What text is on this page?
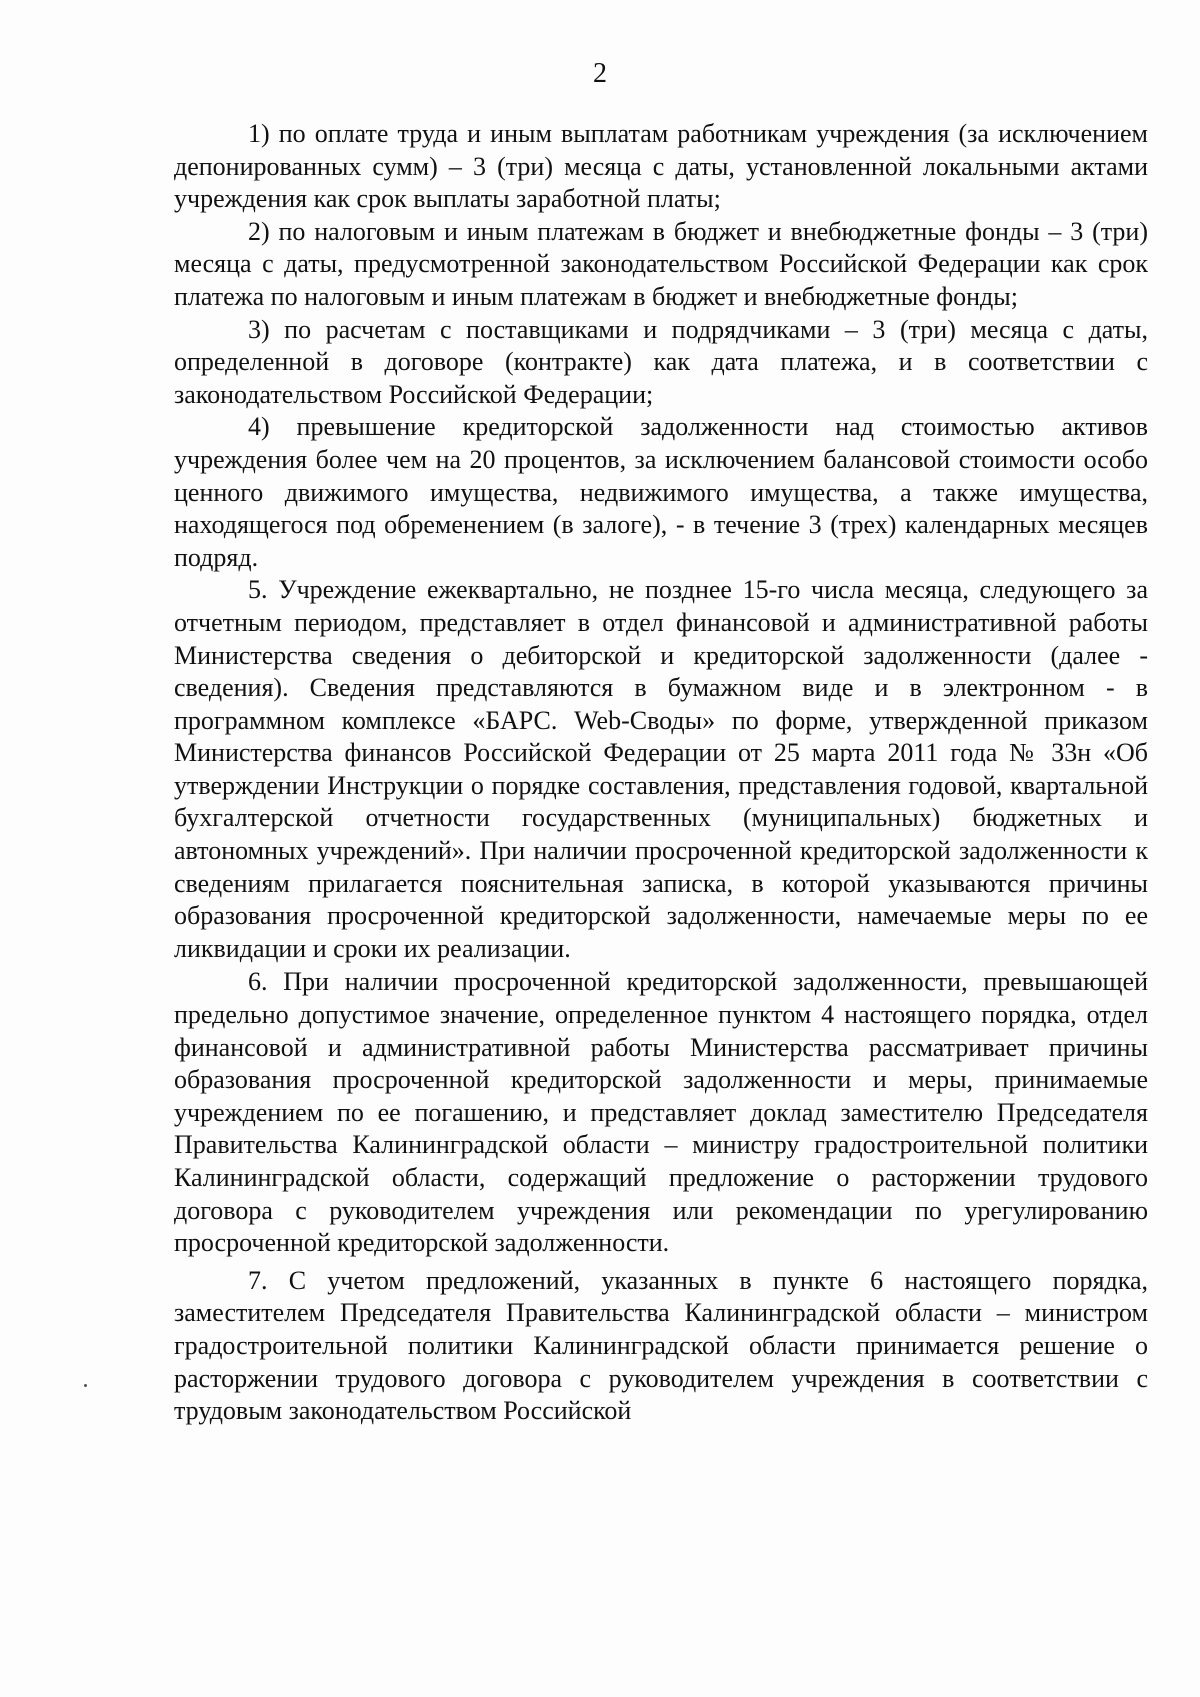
2

1) по оплате труда и иным выплатам работникам учреждения (за исключением депонированных сумм) – 3 (три) месяца с даты, установленной локальными актами учреждения как срок выплаты заработной платы;

2) по налоговым и иным платежам в бюджет и внебюджетные фонды – 3 (три) месяца с даты, предусмотренной законодательством Российской Федерации как срок платежа по налоговым и иным платежам в бюджет и внебюджетные фонды;

3) по расчетам с поставщиками и подрядчиками – 3 (три) месяца с даты, определенной в договоре (контракте) как дата платежа, и в соответствии с законодательством Российской Федерации;

4) превышение кредиторской задолженности над стоимостью активов учреждения более чем на 20 процентов, за исключением балансовой стоимости особо ценного движимого имущества, недвижимого имущества, а также имущества, находящегося под обременением (в залоге), - в течение 3 (трех) календарных месяцев подряд.

5. Учреждение ежеквартально, не позднее 15-го числа месяца, следующего за отчетным периодом, представляет в отдел финансовой и административной работы Министерства сведения о дебиторской и кредиторской задолженности (далее - сведения). Сведения представляются в бумажном виде и в электронном - в программном комплексе «БАРС. Web-Своды» по форме, утвержденной приказом Министерства финансов Российской Федерации от 25 марта 2011 года № 33н «Об утверждении Инструкции о порядке составления, представления годовой, квартальной бухгалтерской отчетности государственных (муниципальных) бюджетных и автономных учреждений». При наличии просроченной кредиторской задолженности к сведениям прилагается пояснительная записка, в которой указываются причины образования просроченной кредиторской задолженности, намечаемые меры по ее ликвидации и сроки их реализации.

6. При наличии просроченной кредиторской задолженности, превышающей предельно допустимое значение, определенное пунктом 4 настоящего порядка, отдел финансовой и административной работы Министерства рассматривает причины образования просроченной кредиторской задолженности и меры, принимаемые учреждением по ее погашению, и представляет доклад заместителю Председателя Правительства Калининградской области – министру градостроительной политики Калининградской области, содержащий предложение о расторжении трудового договора с руководителем учреждения или рекомендации по урегулированию просроченной кредиторской задолженности.

7. С учетом предложений, указанных в пункте 6 настоящего порядка, заместителем Председателя Правительства Калининградской области – министром градостроительной политики Калининградской области принимается решение о расторжении трудового договора с руководителем учреждения в соответствии с трудовым законодательством Российской
